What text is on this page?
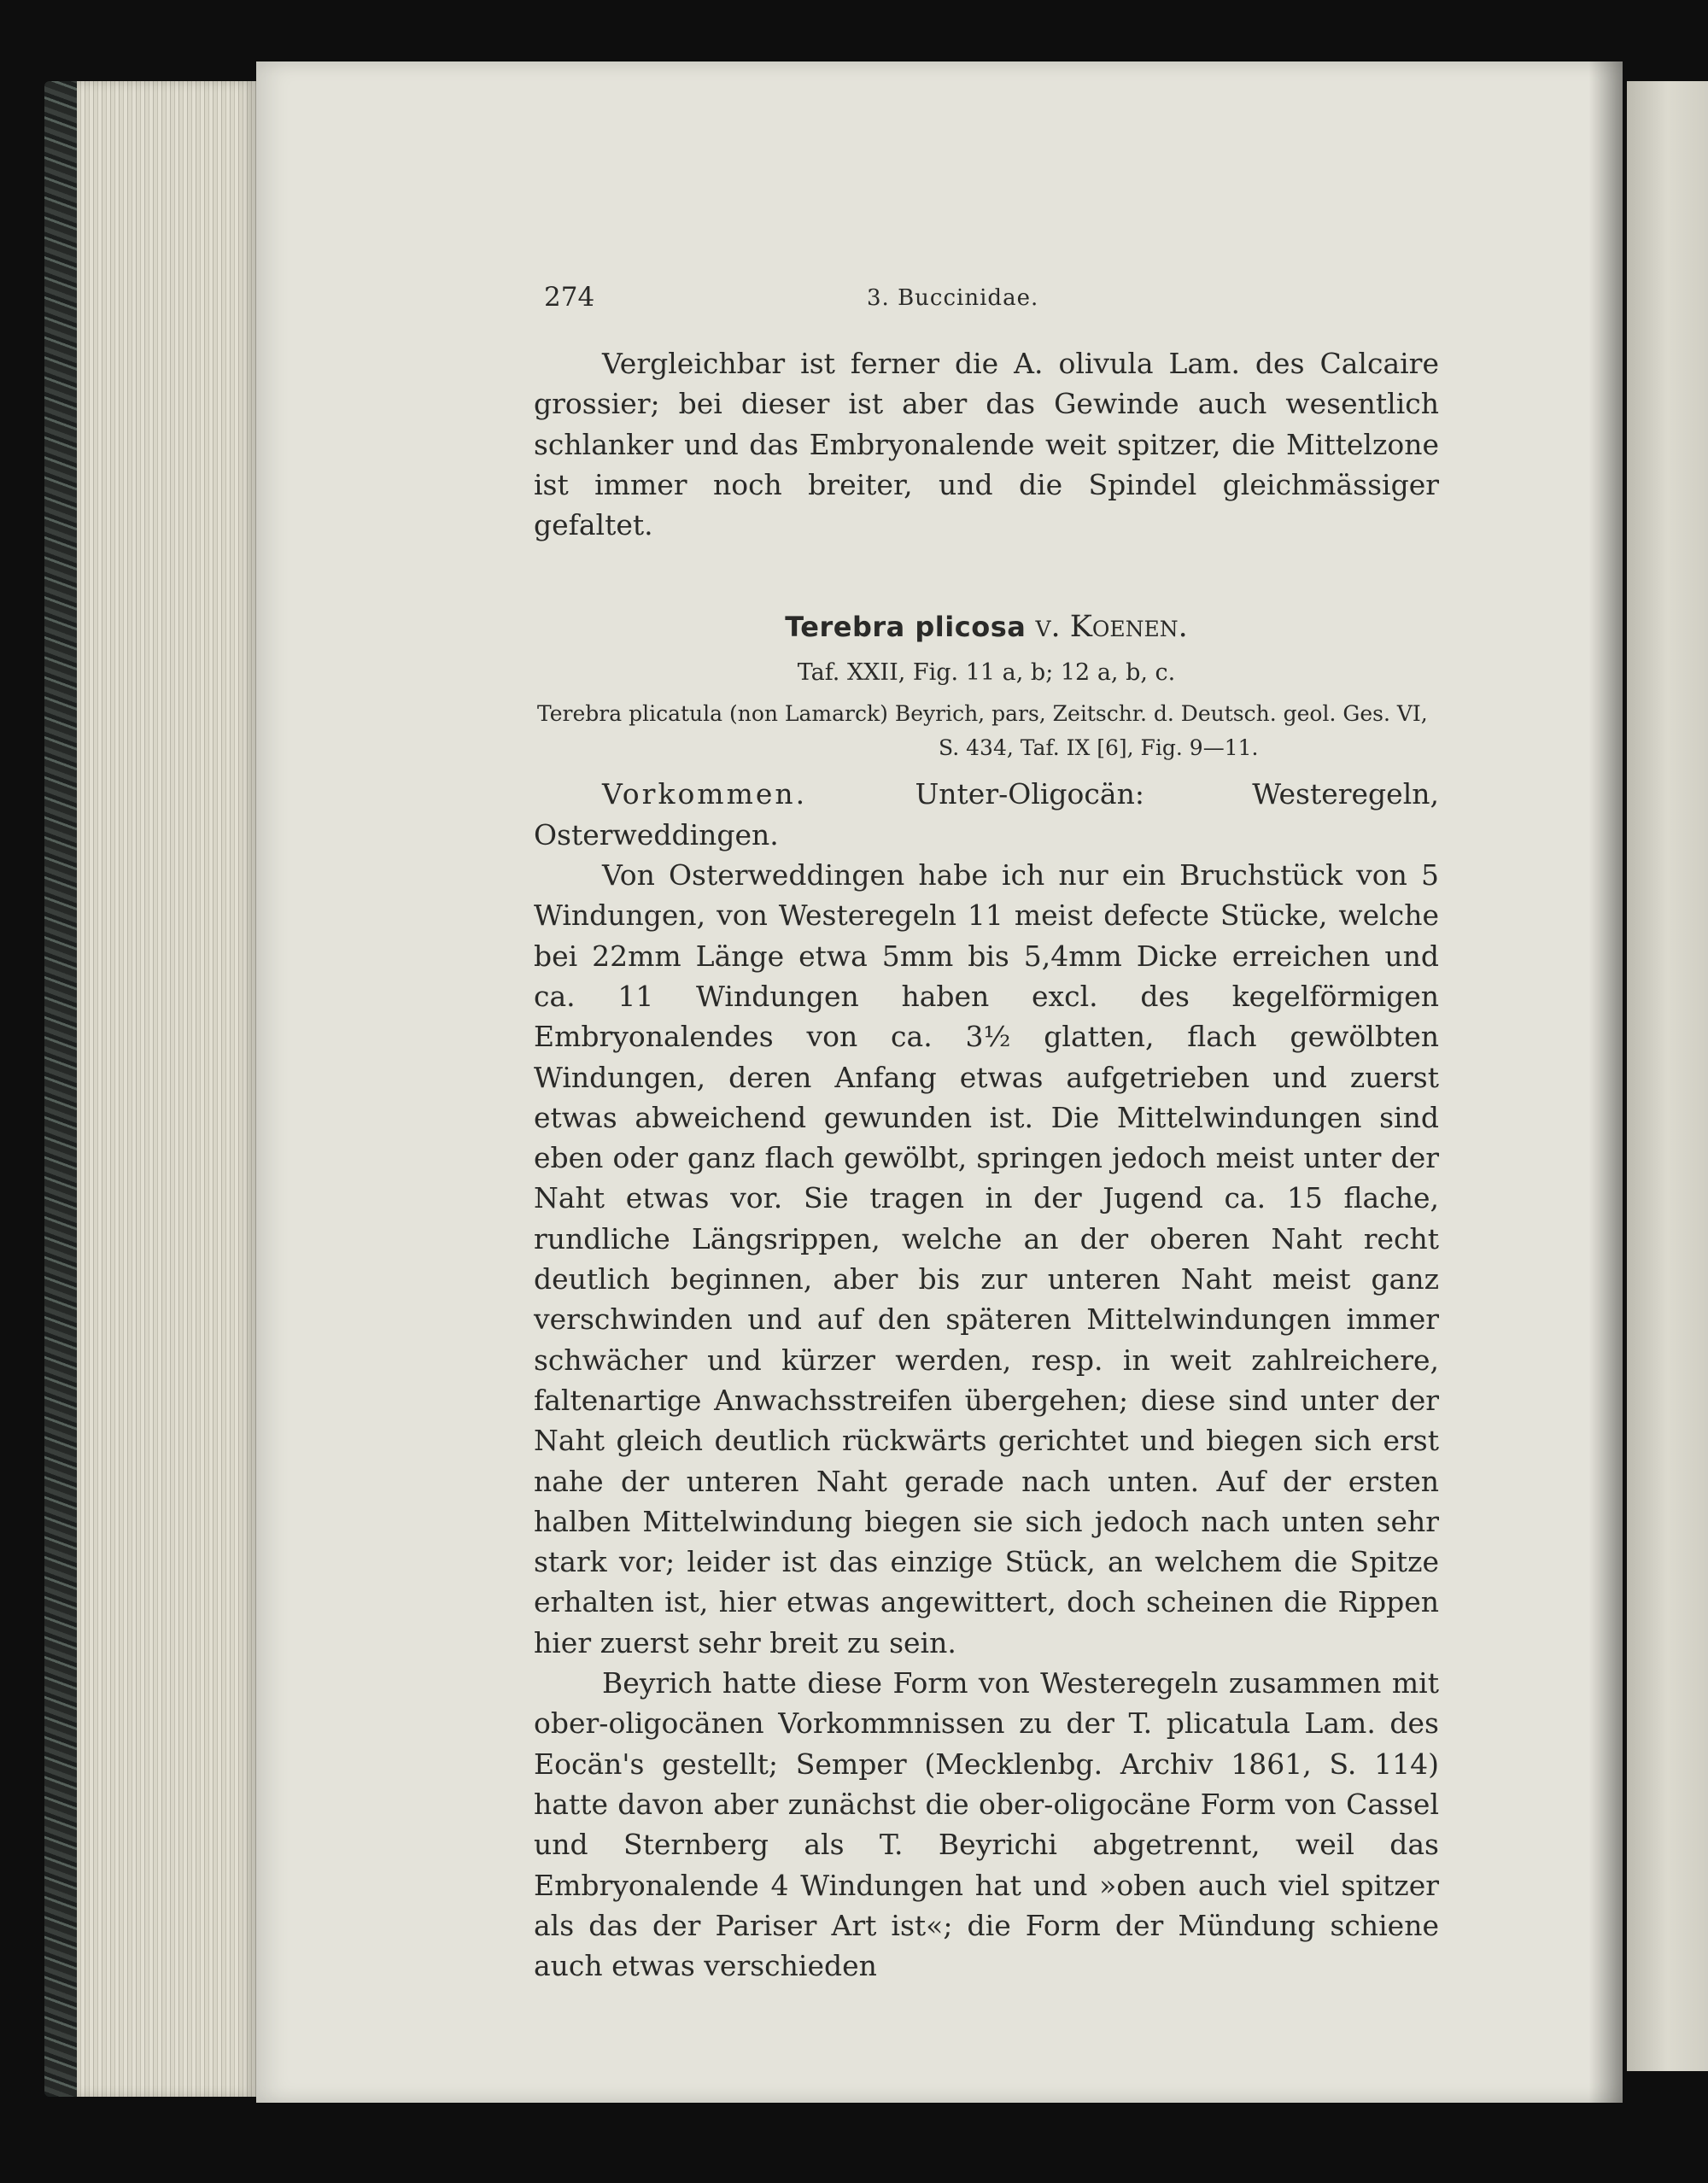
274	3. Buccinidae.

Vergleichbar ist ferner die A. olivula Lam. des Calcaire grossier; bei dieser ist aber das Gewinde auch wesentlich schlanker und das Embryonalende weit spitzer, die Mittelzone ist immer noch breiter, und die Spindel gleichmässiger gefaltet.

Terebra plicosa v. Koenen.
Taf. XXII, Fig. 11 a, b; 12 a, b, c.

Terebra plicatula (non Lamarck) Beyrich, pars, Zeitschr. d. Deutsch. geol. Ges. VI,
S. 434, Taf. IX [6], Fig. 9—11.

Vorkommen.	Unter-Oligocän: Westeregeln, Osterweddingen.

Von Osterweddingen habe ich nur ein Bruchstück von 5 Windungen, von Westeregeln 11 meist defecte Stücke, welche bei 22mm Länge etwa 5mm bis 5,4mm Dicke erreichen und ca. 11 Windungen haben excl. des kegelförmigen Embryonalendes von ca. 3½ glatten, flach gewölbten Windungen, deren Anfang etwas aufgetrieben und zuerst etwas abweichend gewunden ist. Die Mittelwindungen sind eben oder ganz flach gewölbt, springen jedoch meist unter der Naht etwas vor. Sie tragen in der Jugend ca. 15 flache, rundliche Längsrippen, welche an der oberen Naht recht deutlich beginnen, aber bis zur unteren Naht meist ganz verschwinden und auf den späteren Mittelwindungen immer schwächer und kürzer werden, resp. in weit zahlreichere, faltenartige Anwachsstreifen übergehen; diese sind unter der Naht gleich deutlich rückwärts gerichtet und biegen sich erst nahe der unteren Naht gerade nach unten. Auf der ersten halben Mittelwindung biegen sie sich jedoch nach unten sehr stark vor; leider ist das einzige Stück, an welchem die Spitze erhalten ist, hier etwas angewittert, doch scheinen die Rippen hier zuerst sehr breit zu sein.

Beyrich hatte diese Form von Westeregeln zusammen mit ober-oligocänen Vorkommnissen zu der T. plicatula Lam. des Eocän's gestellt; Semper (Mecklenbg. Archiv 1861, S. 114) hatte davon aber zunächst die ober-oligocäne Form von Cassel und Sternberg als T. Beyrichi abgetrennt, weil das Embryonalende 4 Windungen hat und »oben auch viel spitzer als das der Pariser Art ist«; die Form der Mündung schiene auch etwas verschieden
